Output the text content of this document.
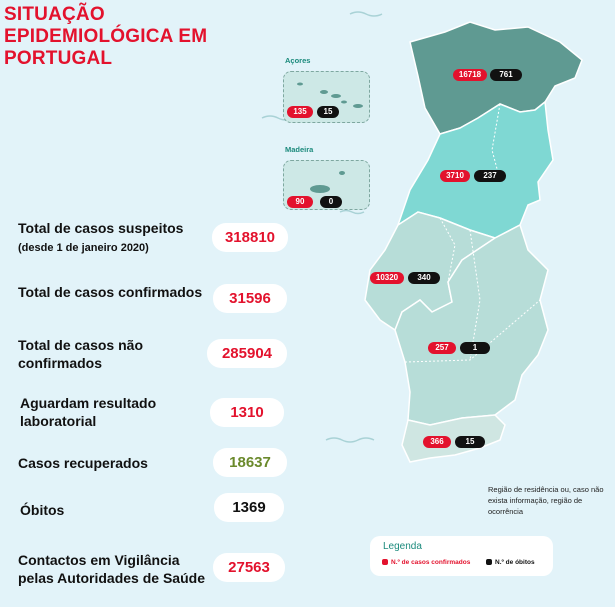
SITUAÇÃO EPIDEMIOLÓGICA EM PORTUGAL
Total de casos suspeitos (desde 1 de janeiro 2020)
318810
Total de casos confirmados	31596
Total de casos não confirmados
285904
Aguardam resultado laboratorial	1310
Casos recuperados	18637
Óbitos	1369
Contactos em Vigilância pelas Autoridades de Saúde
27563
Açores
135	15
Madeira
90	0
16718	761
3710	237
10320	340
257	1
366	15
Região de residência ou, caso não exista informação, região de ocorrência
Legenda
N.º de casos confirmados	N.º de óbitos
